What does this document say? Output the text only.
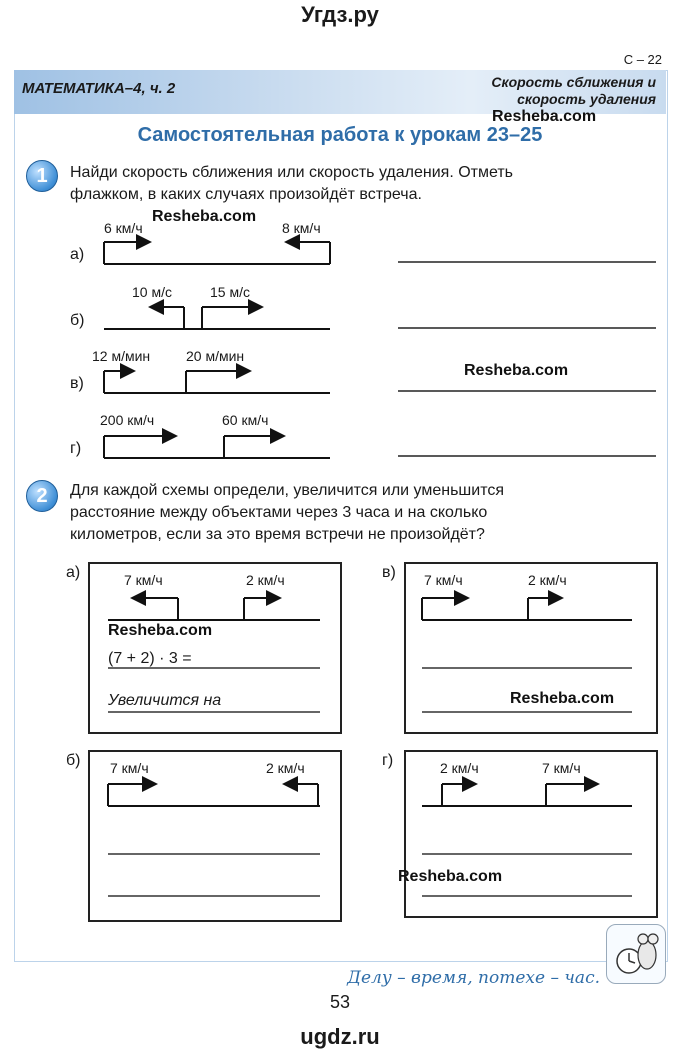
Угдз.ру
С – 22
МАТЕМАТИКА–4, ч. 2	Скорость сближения и
скорость удаления
Resheba.com
Самостоятельная работа к урокам 23–25
1	Найди скорость сближения или скорость удаления. Отметь
флажком, в каких случаях произойдёт встреча.
а)
б)
в)
г)
6 км/ч	8 км/ч
Resheba.com
10 м/с	15 м/с
12 м/мин	20 м/мин
200 км/ч	60 км/ч
Resheba.com
2	Для каждой схемы определи, увеличится или уменьшится
расстояние между объектами через 3 часа и на сколько
километров, если за это время встречи не произойдёт?
а)	в)
б)	г)
7 км/ч	2 км/ч
Resheba.com
(7 + 2) · 3 =
Увеличится на
7 км/ч	2 км/ч
Resheba.com
7 км/ч	2 км/ч	2 км/ч	7 км/ч
Resheba.com
Делу – время, потехе – час.
53
ugdz.ru
